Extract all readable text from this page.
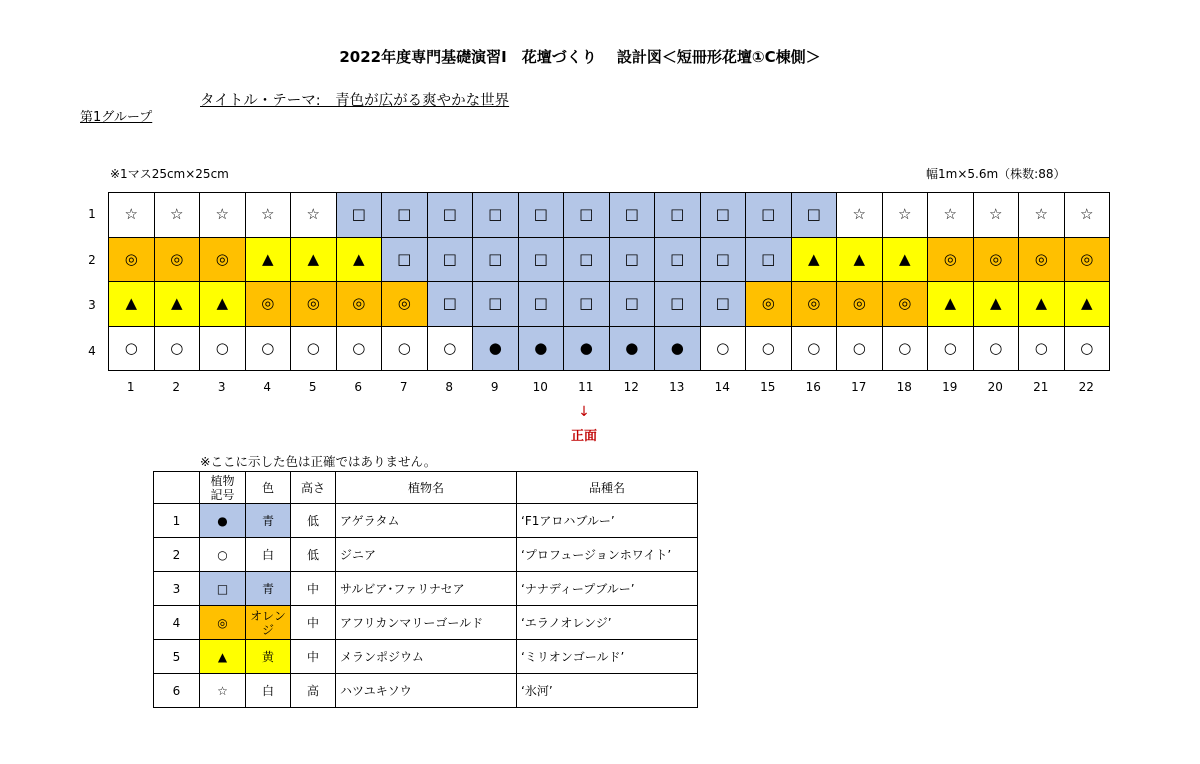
2022年度専門基礎演習Ⅰ　花壇づくり　 設計図＜短冊形花壇①C棟側＞
タイトル・テーマ:　青色が広がる爽やかな世界
第1グループ
※1マス25cm×25cm	幅1m×5.6m（株数:88）
1
2
3
4
☆	☆	☆	☆	☆	□	□	□	□	□	□	□	□	□	□	□	☆	☆	☆	☆	☆	☆
◎	◎	◎	▲	▲	▲	□	□	□	□	□	□	□	□	□	▲	▲	▲	◎	◎	◎	◎
▲	▲	▲	◎	◎	◎	◎	□	□	□	□	□	□	□	◎	◎	◎	◎	▲	▲	▲	▲
○	○	○	○	○	○	○	○	●	●	●	●	●	○	○	○	○	○	○	○	○	○
1	2	3	4	5	6	7	8	9	10	11	12	13	14	15	16	17	18	19	20	21	22
↓
正面
※ここに示した色は正確ではありません。
	植物
記号	色	高さ	植物名	品種名
1	●	青	低	アゲラタム	‘F1アロハブルー’
2	○	白	低	ジニア	‘プロフュージョンホワイト’
3	□	青	中	サルビア･ファリナセア	‘ナナディープブルー’
4	◎	オレン
ジ	中	アフリカンマリーゴールド	‘エラノオレンジ’
5	▲	黄	中	メランポジウム	‘ミリオンゴールド’
6	☆	白	高	ハツユキソウ	‘氷河’
